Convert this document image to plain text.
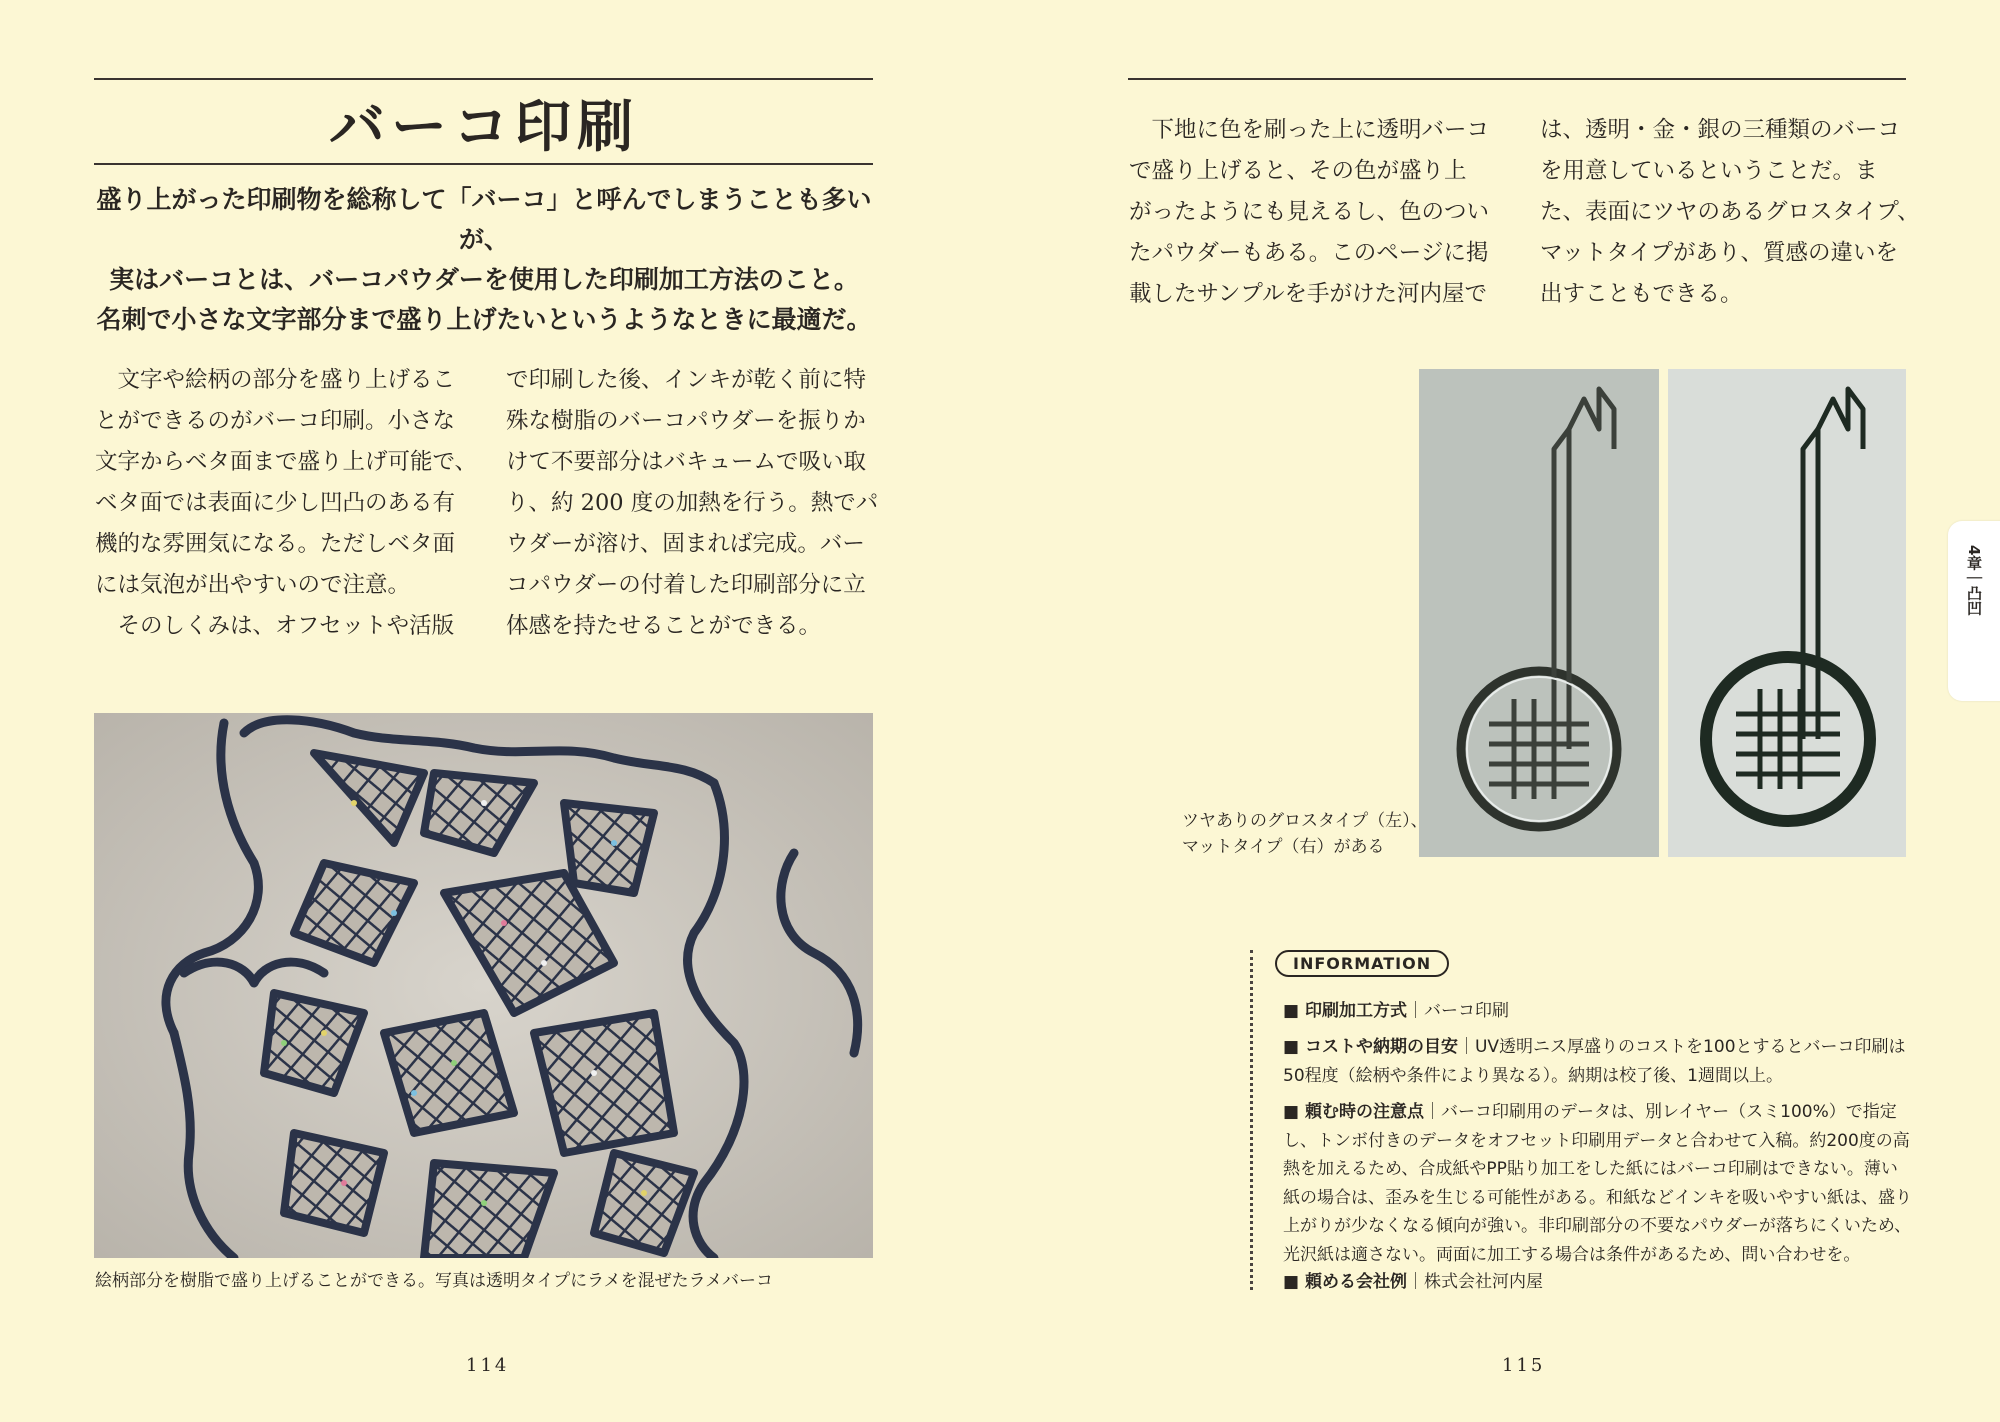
バーコ印刷
盛り上がった印刷物を総称して「バーコ」と呼んでしまうことも多いが、
実はバーコとは、バーコパウダーを使用した印刷加工方法のこと。
名刺で小さな文字部分まで盛り上げたいというようなときに最適だ。
　文字や絵柄の部分を盛り上げるこ
とができるのがバーコ印刷。小さな
文字からベタ面まで盛り上げ可能で、
ベタ面では表面に少し凹凸のある有
機的な雰囲気になる。ただしベタ面
には気泡が出やすいので注意。
　そのしくみは、オフセットや活版
で印刷した後、インキが乾く前に特
殊な樹脂のバーコパウダーを振りか
けて不要部分はバキュームで吸い取
り、約 200 度の加熱を行う。熱でパ
ウダーが溶け、固まれば完成。バー
コパウダーの付着した印刷部分に立
体感を持たせることができる。
絵柄部分を樹脂で盛り上げることができる。写真は透明タイプにラメを混ぜたラメバーコ
114
　下地に色を刷った上に透明バーコ
で盛り上げると、その色が盛り上
がったようにも見えるし、色のつい
たパウダーもある。このページに掲
載したサンプルを手がけた河内屋で
は、透明・金・銀の三種類のバーコ
を用意しているということだ。ま
た、表面にツヤのあるグロスタイプ、
マットタイプがあり、質感の違いを
出すこともできる。
ツヤありのグロスタイプ（左）、
マットタイプ（右）がある
4章｜凸凹
INFORMATION
■ 印刷加工方式｜バーコ印刷
■ コストや納期の目安｜UV透明ニス厚盛りのコストを100とするとバーコ印刷は50程度（絵柄や条件により異なる）。納期は校了後、1週間以上。
■ 頼む時の注意点｜バーコ印刷用のデータは、別レイヤー（スミ100%）で指定し、トンボ付きのデータをオフセット印刷用データと合わせて入稿。約200度の高熱を加えるため、合成紙やPP貼り加工をした紙にはバーコ印刷はできない。薄い紙の場合は、歪みを生じる可能性がある。和紙などインキを吸いやすい紙は、盛り上がりが少なくなる傾向が強い。非印刷部分の不要なパウダーが落ちにくいため、光沢紙は適さない。両面に加工する場合は条件があるため、問い合わせを。
■ 頼める会社例｜株式会社河内屋
115
